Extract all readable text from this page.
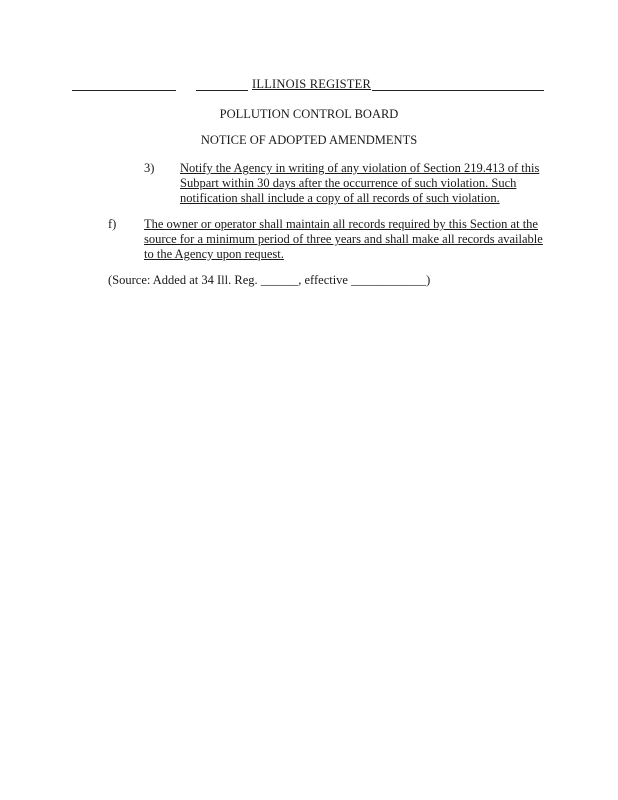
ILLINOIS REGISTER
POLLUTION CONTROL BOARD
NOTICE OF ADOPTED AMENDMENTS
3) Notify the Agency in writing of any violation of Section 219.413 of this Subpart within 30 days after the occurrence of such violation. Such notification shall include a copy of all records of such violation.
f) The owner or operator shall maintain all records required by this Section at the source for a minimum period of three years and shall make all records available to the Agency upon request.
(Source: Added at 34 Ill. Reg. ______, effective ____________)
